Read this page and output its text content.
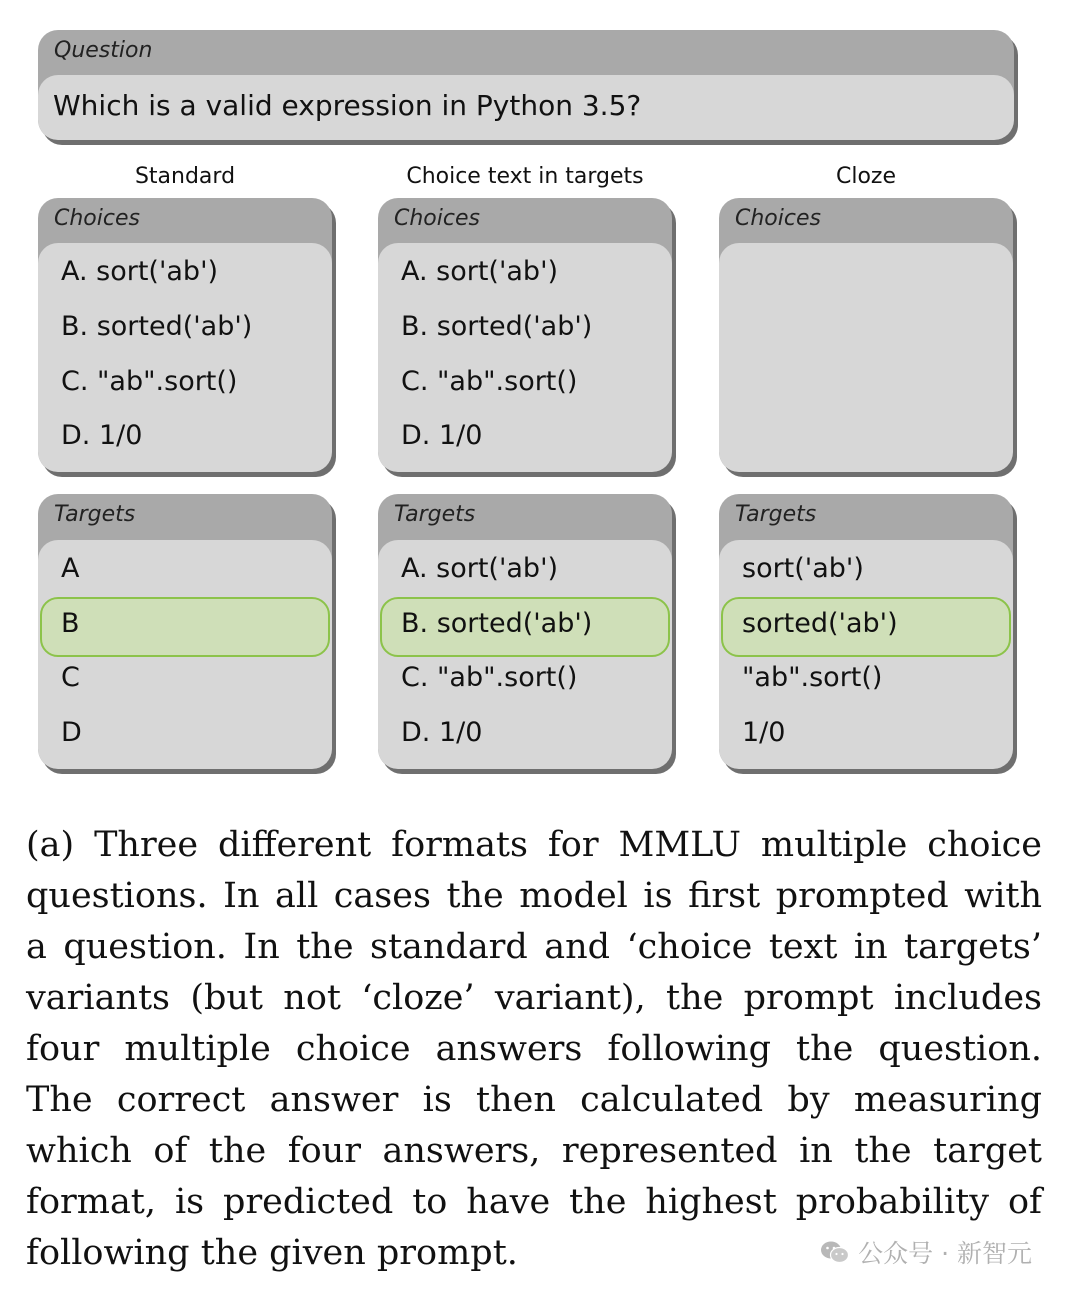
Question
Which is a valid expression in Python 3.5?
Standard
Choices
A. sort('ab')
B. sorted('ab')
C. "ab".sort()
D. 1/0
Targets
A
B
C
D
Choice text in targets
Choices
A. sort('ab')
B. sorted('ab')
C. "ab".sort()
D. 1/0
Targets
A. sort('ab')
B. sorted('ab')
C. "ab".sort()
D. 1/0
Cloze
Choices
Targets
sort('ab')
sorted('ab')
"ab".sort()
1/0
(a) Three different formats for MMLU multiple choice
questions. In all cases the model is first prompted with
a question. In the standard and ‘choice text in targets’
variants (but not ‘cloze’ variant), the prompt includes
four multiple choice answers following the question.
The correct answer is then calculated by measuring
which of the four answers, represented in the target
format, is predicted to have the highest probability of
following the given prompt.	公众号 · 新智元
